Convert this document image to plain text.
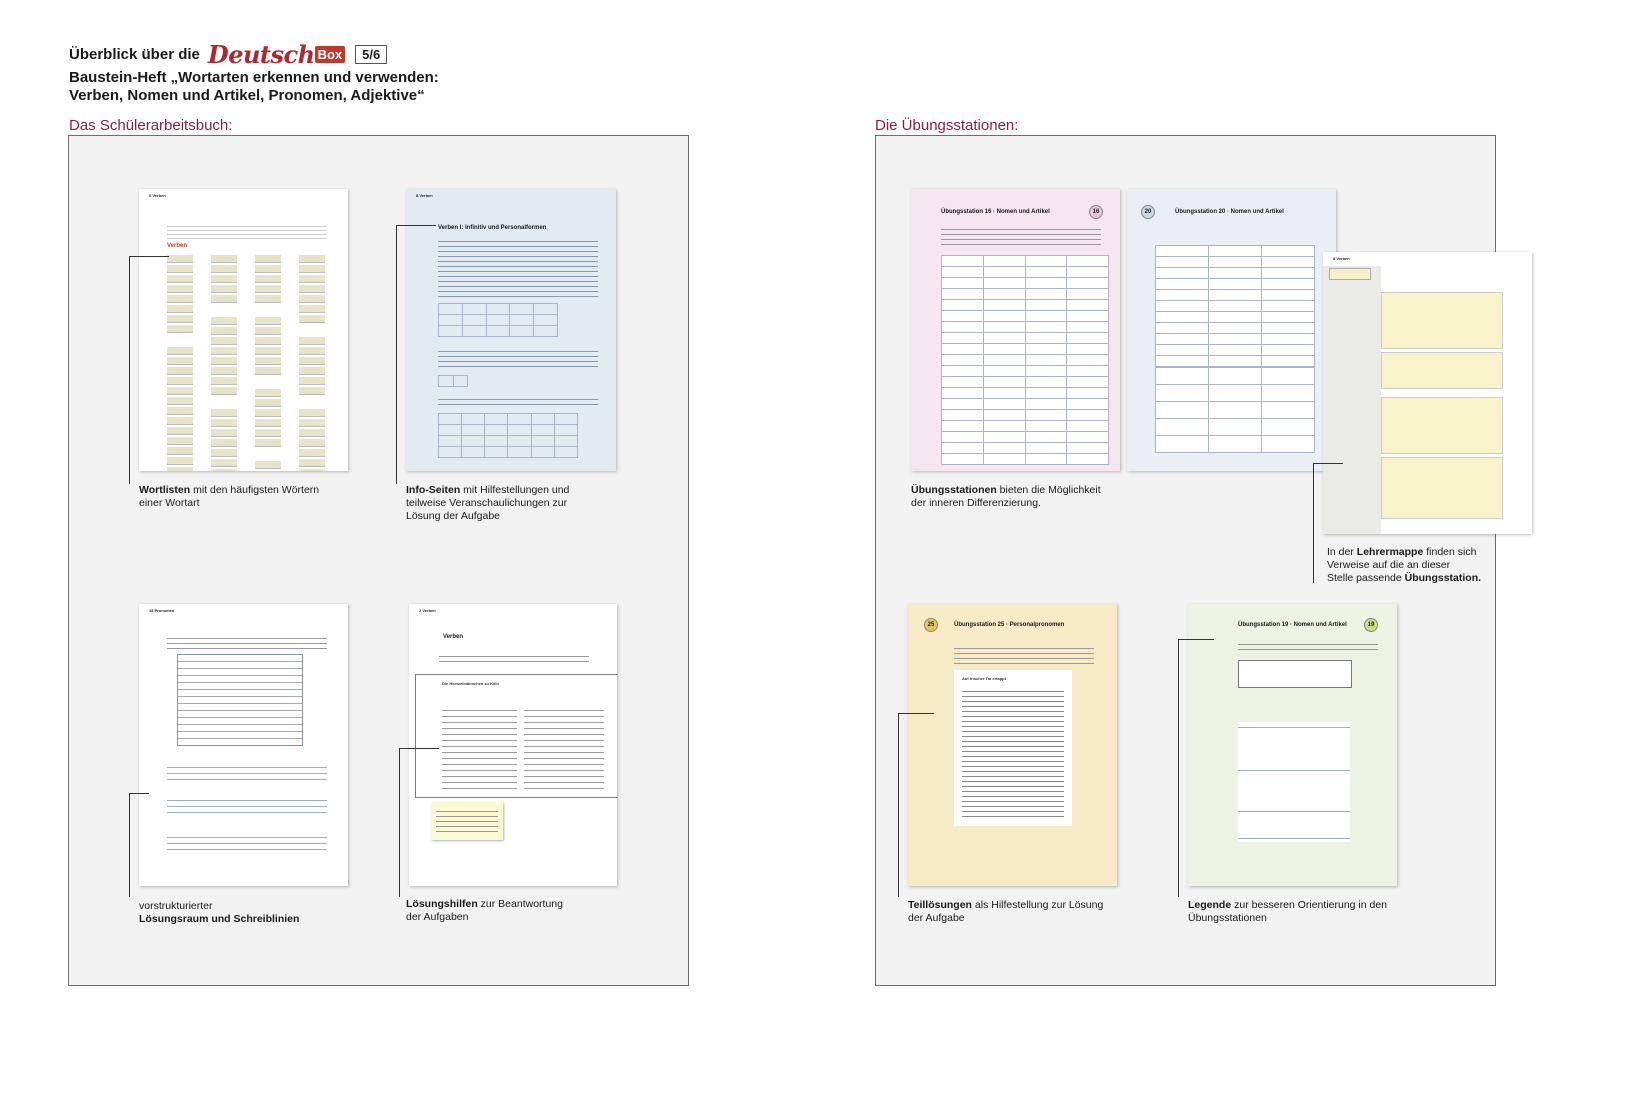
Überblick über die Deutsch Box	5/6
Baustein-Heft „Wortarten erkennen und verwenden:
Verben, Nomen und Artikel, Pronomen, Adjektive“
Das Schülerarbeitsbuch:	Die Übungsstationen:
6 Verben
Verben
Wortlisten mit den häufigsten Wörtern
einer Wortart
8 Verben
Verben I: Infinitiv und Personalformen

Info-Seiten mit Hilfestellungen und
teilweise Veranschaulichungen zur
Lösung der Aufgabe
18 Pronomen
vorstrukturierter
Lösungsraum und Schreiblinien
2 Verben
Verben
Die Heinzelmännchen zu Köln
Lösungshilfen zur Beantwortung
der Aufgaben
Übungsstation 16 · Nomen und Artikel	16

				20	Übungsstation 20 · Nomen und Artikel

8 Verben
Übungsstationen bieten die Möglichkeit
der inneren Differenzierung.
In der Lehrermappe finden sich
Verweise auf die an dieser
Stelle passende Übungsstation.
25	Übungsstation 25 · Personalpronomen
Auf frischer Tat ertappt
Teillösungen als Hilfestellung zur Lösung
der Aufgabe
Übungsstation 19 · Nomen und Artikel	19
Legende zur besseren Orientierung in den
Übungsstationen
